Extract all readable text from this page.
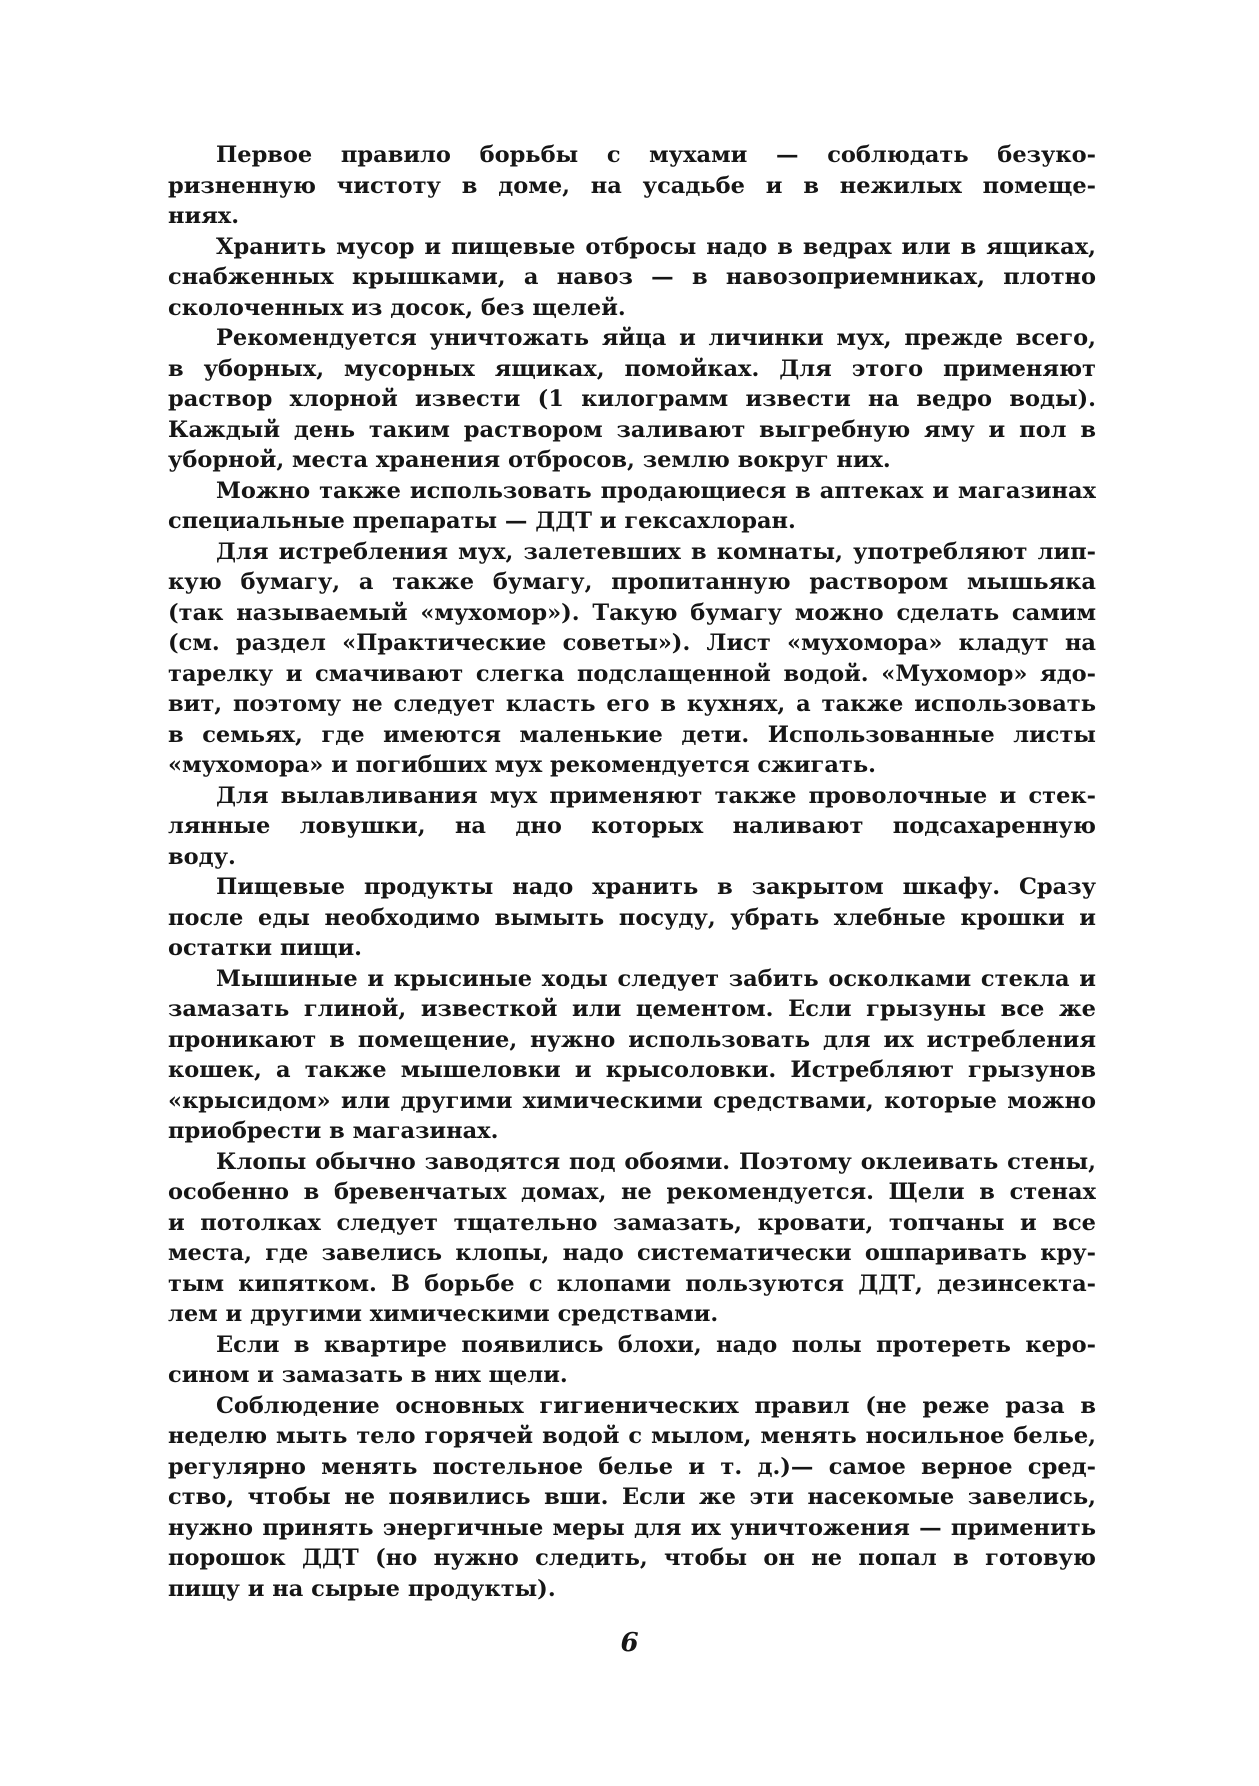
Первое правило борьбы с мухами — соблюдать безуко-
ризненную чистоту в доме, на усадьбе и в нежилых помеще-
ниях.
Хранить мусор и пищевые отбросы надо в ведрах или в ящиках,
снабженных крышками, а навоз — в навозоприемниках, плотно
сколоченных из досок, без щелей.
Рекомендуется уничтожать яйца и личинки мух, прежде всего,
в уборных, мусорных ящиках, помойках. Для этого применяют
раствор хлорной извести (1 килограмм извести на ведро воды).
Каждый день таким раствором заливают выгребную яму и пол в
уборной, места хранения отбросов, землю вокруг них.
Можно также использовать продающиеся в аптеках и магазинах
специальные препараты — ДДТ и гексахлоран.
Для истребления мух, залетевших в комнаты, употребляют лип-
кую бумагу, а также бумагу, пропитанную раствором мышьяка
(так называемый «мухомор»). Такую бумагу можно сделать самим
(см. раздел «Практические советы»). Лист «мухомора» кладут на
тарелку и смачивают слегка подслащенной водой. «Мухомор» ядо-
вит, поэтому не следует класть его в кухнях, а также использовать
в семьях, где имеются маленькие дети. Использованные листы
«мухомора» и погибших мух рекомендуется сжигать.
Для вылавливания мух применяют также проволочные и стек-
лянные ловушки, на дно которых наливают подсахаренную
воду.
Пищевые продукты надо хранить в закрытом шкафу. Сразу
после еды необходимо вымыть посуду, убрать хлебные крошки и
остатки пищи.
Мышиные и крысиные ходы следует забить осколками стекла и
замазать глиной, известкой или цементом. Если грызуны все же
проникают в помещение, нужно использовать для их истребления
кошек, а также мышеловки и крысоловки. Истребляют грызунов
«крысидом» или другими химическими средствами, которые можно
приобрести в магазинах.
Клопы обычно заводятся под обоями. Поэтому оклеивать стены,
особенно в бревенчатых домах, не рекомендуется. Щели в стенах
и потолках следует тщательно замазать, кровати, топчаны и все
места, где завелись клопы, надо систематически ошпаривать кру-
тым кипятком. В борьбе с клопами пользуются ДДТ, дезинсекта-
лем и другими химическими средствами.
Если в квартире появились блохи, надо полы протереть керо-
сином и замазать в них щели.
Соблюдение основных гигиенических правил (не реже раза в
неделю мыть тело горячей водой с мылом, менять носильное белье,
регулярно менять постельное белье и т. д.)— самое верное сред-
ство, чтобы не появились вши. Если же эти насекомые завелись,
нужно принять энергичные меры для их уничтожения — применить
порошок ДДТ (но нужно следить, чтобы он не попал в готовую
пищу и на сырые продукты).
6
